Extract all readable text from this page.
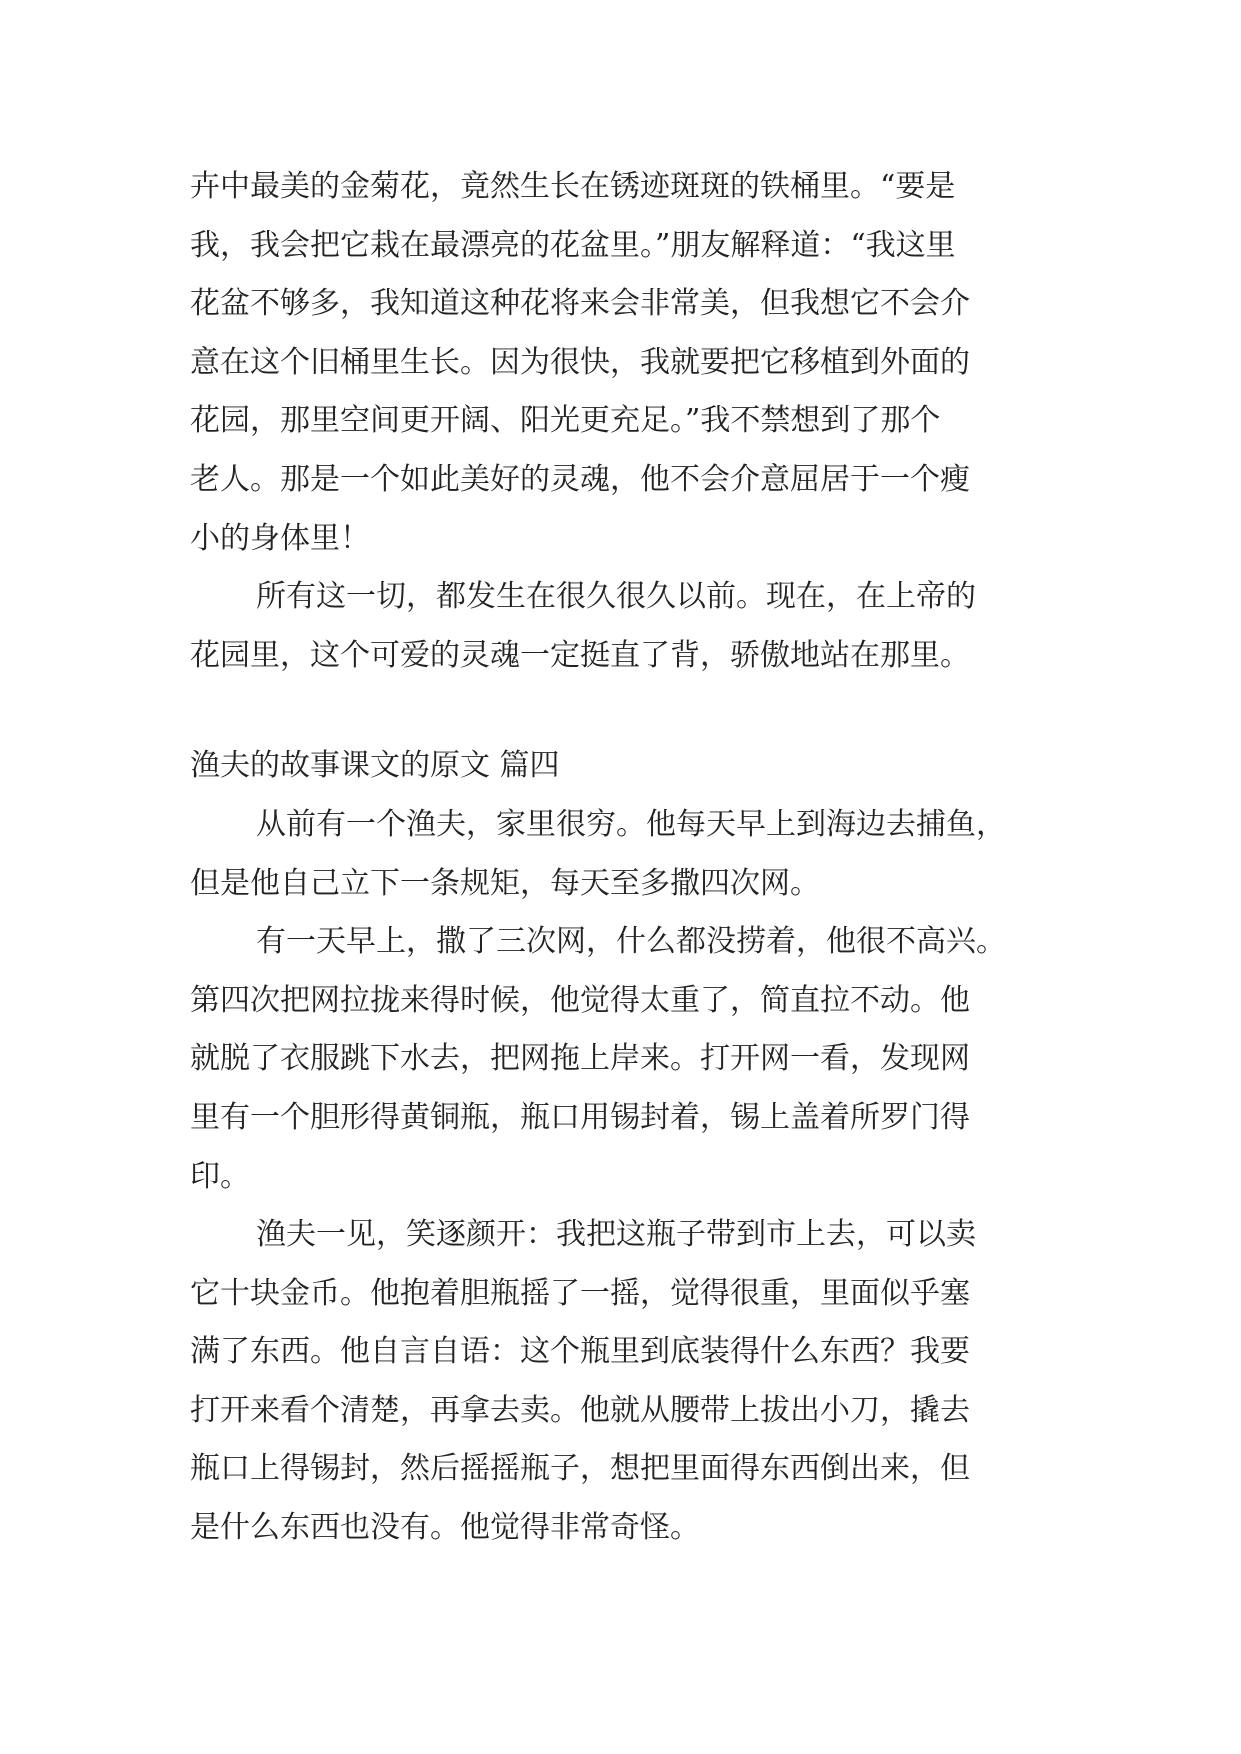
卉中最美的金菊花，竟然生长在锈迹斑斑的铁桶里。“要是
我，我会把它栽在最漂亮的花盆里。”朋友解释道：“我这里
花盆不够多，我知道这种花将来会非常美，但我想它不会介
意在这个旧桶里生长。因为很快，我就要把它移植到外面的
花园，那里空间更开阔、阳光更充足。”我不禁想到了那个
老人。那是一个如此美好的灵魂，他不会介意屈居于一个瘦
小的身体里！
所有这一切，都发生在很久很久以前。现在，在上帝的
花园里，这个可爱的灵魂一定挺直了背，骄傲地站在那里。
渔夫的故事课文的原文 篇四
从前有一个渔夫，家里很穷。他每天早上到海边去捕鱼，
但是他自己立下一条规矩，每天至多撒四次网。
有一天早上，撒了三次网，什么都没捞着，他很不高兴。
第四次把网拉拢来得时候，他觉得太重了，简直拉不动。他
就脱了衣服跳下水去，把网拖上岸来。打开网一看，发现网
里有一个胆形得黄铜瓶，瓶口用锡封着，锡上盖着所罗门得
印。
渔夫一见，笑逐颜开：我把这瓶子带到市上去，可以卖
它十块金币。他抱着胆瓶摇了一摇，觉得很重，里面似乎塞
满了东西。他自言自语：这个瓶里到底装得什么东西？我要
打开来看个清楚，再拿去卖。他就从腰带上拔出小刀，撬去
瓶口上得锡封，然后摇摇瓶子，想把里面得东西倒出来，但
是什么东西也没有。他觉得非常奇怪。
